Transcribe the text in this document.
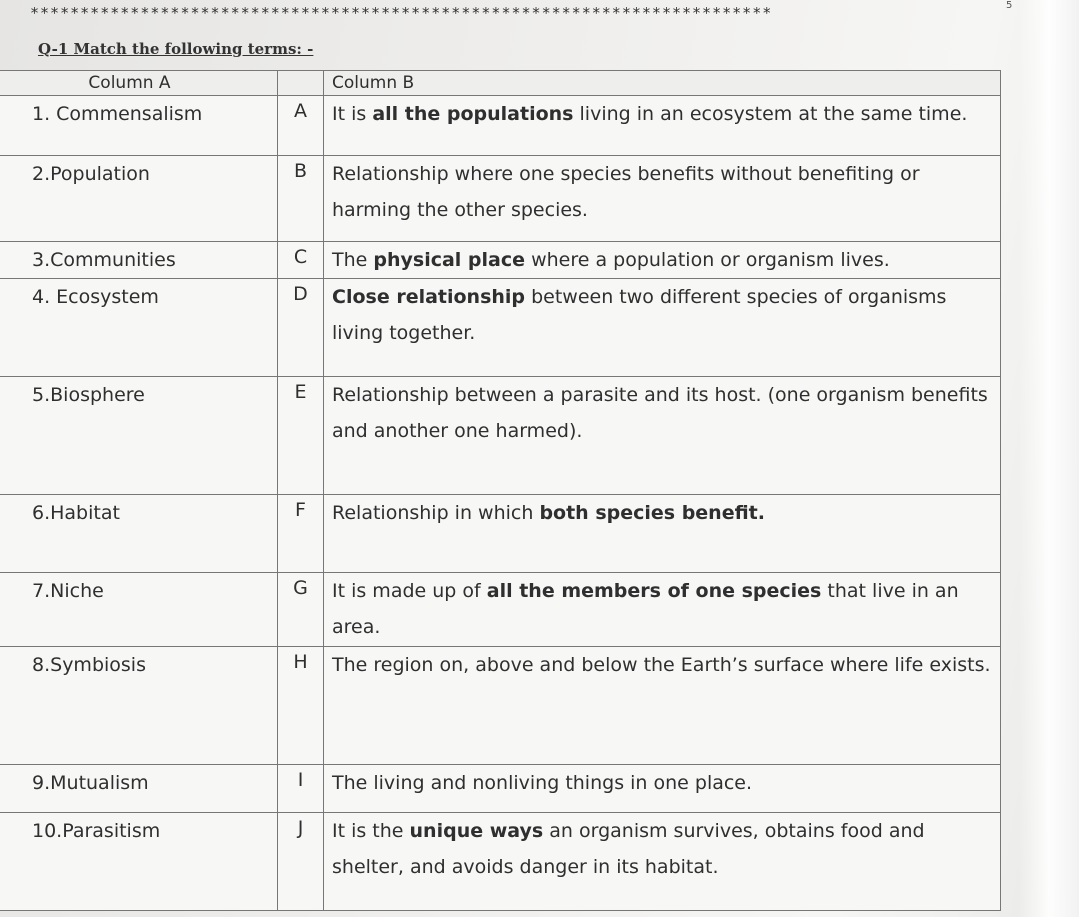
**************************************************************************	5
Q-1 Match the following terms: -
	Column A		Column B
	1. Commensalism	A	It is all the populations living in an ecosystem at the same time.
	2.Population	B	Relationship where one species benefits without benefiting or harming the other species.
	3.Communities	C	The physical place where a population or organism lives.
	4. Ecosystem	D	Close relationship between two different species of organisms living together.
	5.Biosphere	E	Relationship between a parasite and its host. (one organism benefits and another one harmed).
	6.Habitat	F	Relationship in which both species benefit.
	7.Niche	G	It is made up of all the members of one species that live in an area.
	8.Symbiosis	H	The region on, above and below the Earth’s surface where life exists.
	9.Mutualism	I	The living and nonliving things in one place.
	10.Parasitism	J	It is the unique ways an organism survives, obtains food and shelter, and avoids danger in its habitat.
